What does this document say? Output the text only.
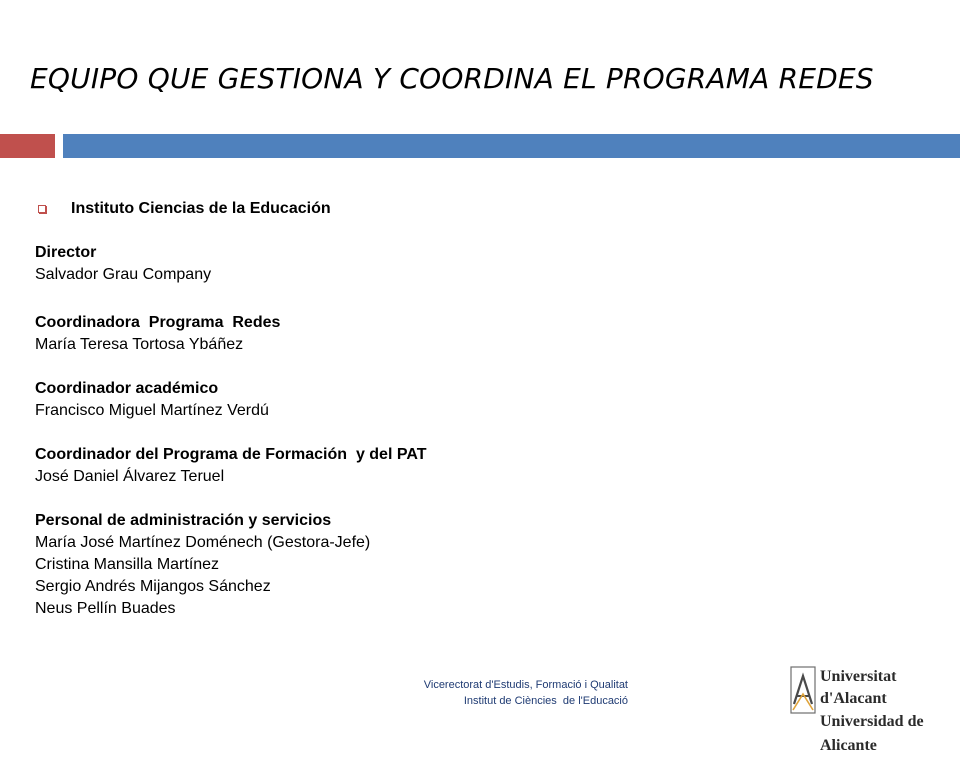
EQUIPO QUE GESTIONA Y COORDINA EL PROGRAMA REDES
Instituto Ciencias de la Educación
Director
Salvador Grau Company
Coordinadora  Programa  Redes
María Teresa Tortosa Ybáñez
Coordinador académico
Francisco Miguel Martínez Verdú
Coordinador del Programa de Formación  y del PAT
José Daniel Álvarez Teruel
Personal de administración y servicios
María José Martínez Doménech (Gestora-Jefe)
Cristina Mansilla Martínez
Sergio Andrés Mijangos Sánchez
Neus Pellín Buades
Vicerectorat d'Estudis, Formació i Qualitat
Institut de Ciències  de l'Educació
Universitat d'Alacant
Universidad de Alicante
